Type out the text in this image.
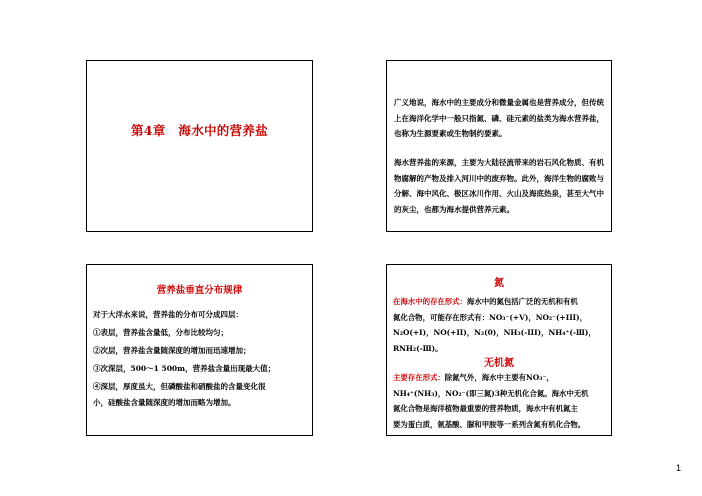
第4章　海水中的营养盐
广义地说，海水中的主要成分和微量金属也是营养成分，但传统上在海洋化学中一般只指氮、磷、硅元素的盐类为海水营养盐，也称为生源要素或生物制约要素。
海水营养盐的来源，主要为大陆径流带来的岩石风化物质、有机物腐解的产物及排入河川中的废弃物。此外，海洋生物的腐败与分解、海中风化、极区冰川作用、火山及海底热泉，甚至大气中的灰尘，也都为海水提供营养元素。
营养盐垂直分布规律
对于大洋水来说，营养盐的分布可分成四层：
①表层，营养盐含量低，分布比较均匀；
②次层，营养盐含量随深度的增加而迅速增加；
③次深层，500～1 500m，营养盐含量出现最大值；
④深层，厚度虽大，但磷酸盐和硝酸盐的含量变化很
小，硅酸盐含量随深度的增加而略为增加。
氮
在海水中的存在形式：海水中的氮包括广泛的无机和有机
氮化合物，可能存在形式有：NO₃⁻(+V)，NO₂⁻(+III)，
N₂O(+I)，NO(+II)，N₂(0)，NH₃(-III)，NH₄⁺(-Ⅲ)，
RNH₂(-Ⅲ)。
无机氮
主要存在形式：除氮气外，海水中主要有NO₃⁻，
NH₄⁺(NH₃)，NO₂⁻(即三氮)3种无机化合氮。海水中无机
氮化合物是海洋植物最重要的营养物质，海水中有机氮主
要为蛋白质，氨基酸、脲和甲胺等一系列含氮有机化合物。
1
